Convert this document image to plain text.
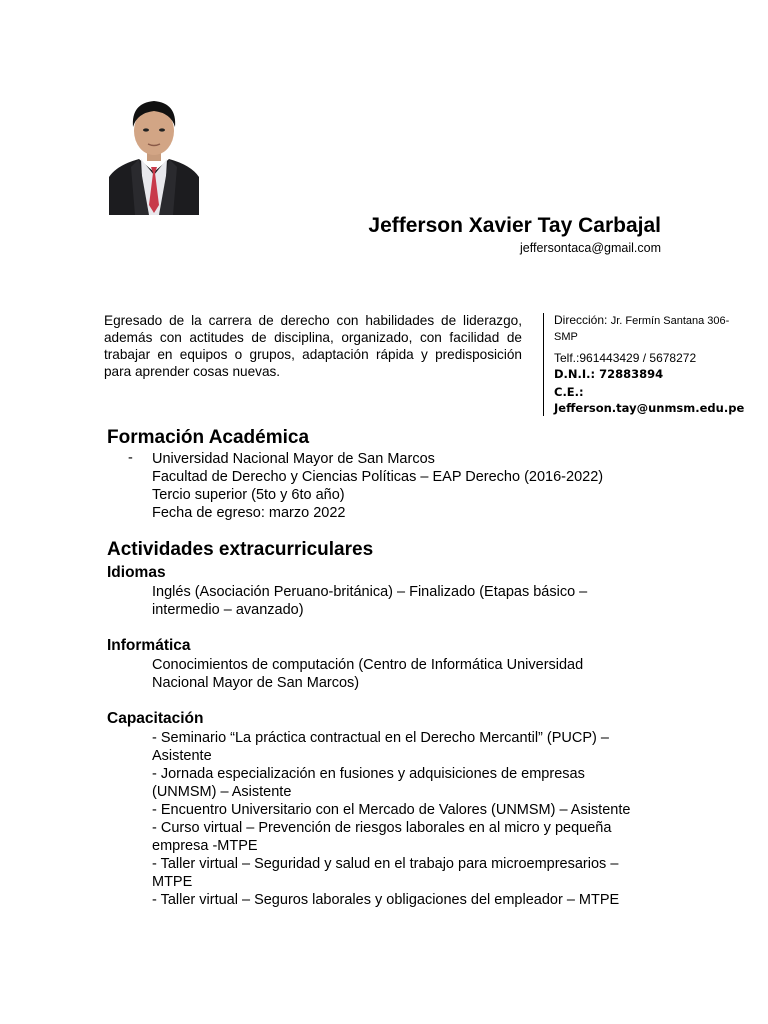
Jefferson Xavier Tay Carbajal
jeffersontaca@gmail.com
Egresado de la carrera de derecho con habilidades de liderazgo, además con actitudes de disciplina, organizado, con facilidad de trabajar en equipos o grupos, adaptación rápida y predisposición para aprender cosas nuevas.
Dirección: Jr. Fermín Santana 306-
SMP
Telf.:961443429 / 5678272
D.N.I.: 72883894
C.E.: Jefferson.tay@unmsm.edu.pe
Formación Académica
- Universidad Nacional Mayor de San Marcos
Facultad de Derecho y Ciencias Políticas – EAP Derecho (2016-2022)
Tercio superior (5to y 6to año)
Fecha de egreso: marzo 2022
Actividades extracurriculares
Idiomas
Inglés (Asociación Peruano-británica) – Finalizado (Etapas básico –
intermedio – avanzado)
Informática
Conocimientos de computación (Centro de Informática Universidad
Nacional Mayor de San Marcos)
Capacitación
- Seminario “La práctica contractual en el Derecho Mercantil” (PUCP) –
Asistente
- Jornada especialización en fusiones y adquisiciones de empresas
(UNMSM) – Asistente
- Encuentro Universitario con el Mercado de Valores (UNMSM) – Asistente
- Curso virtual – Prevención de riesgos laborales en al micro y pequeña
empresa -MTPE
- Taller virtual – Seguridad y salud en el trabajo para microempresarios –
MTPE
- Taller virtual – Seguros laborales y obligaciones del empleador – MTPE
